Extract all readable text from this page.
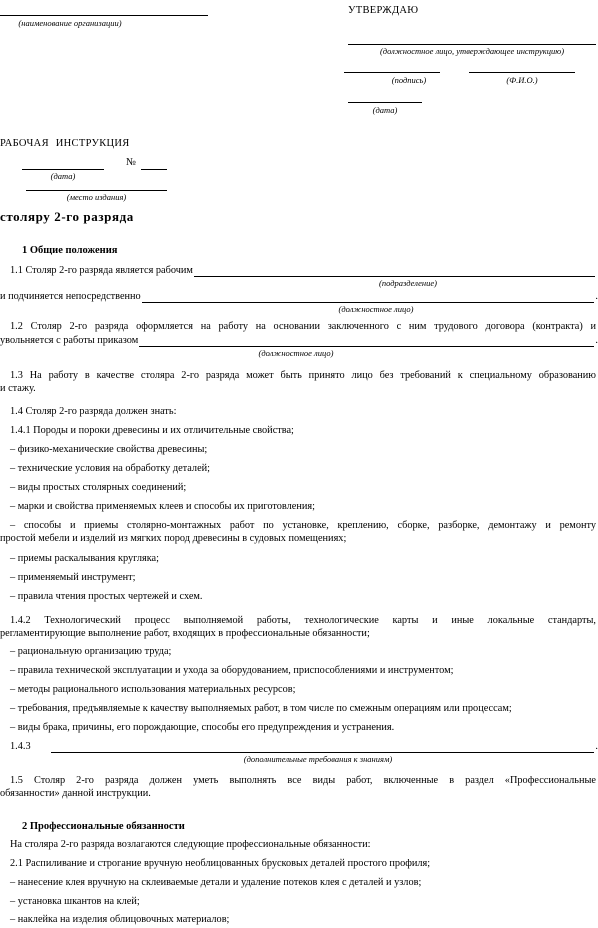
(наименование организации)
УТВЕРЖДАЮ
(должностное лицо, утверждающее инструкцию)
(подпись)	(Ф.И.О.)
(дата)
РАБОЧАЯ ИНСТРУКЦИЯ
№
(дата)
(место издания)
столяру 2-го разряда
1 Общие положения
1.1 Столяр 2-го разряда является рабочим
(подразделение)
и подчиняется непосредственно	.
(должностное лицо)
1.2 Столяр 2-го разряда оформляется на работу на основании заключенного с ним трудового договора (контракта) и
увольняется с работы приказом	.
(должностное лицо)
1.3 На работу в качестве столяра 2-го разряда может быть принято лицо без требований к специальному образованию
и стажу.
1.4 Столяр 2-го разряда должен знать:
1.4.1 Породы и пороки древесины и их отличительные свойства;
– физико-механические свойства древесины;
– технические условия на обработку деталей;
– виды простых столярных соединений;
– марки и свойства применяемых клеев и способы их приготовления;
– способы и приемы столярно-монтажных работ по установке, креплению, сборке, разборке, демонтажу и ремонту
простой мебели и изделий из мягких пород древесины в судовых помещениях;
– приемы раскалывания кругляка;
– применяемый инструмент;
– правила чтения простых чертежей и схем.
1.4.2 Технологический процесс выполняемой работы, технологические карты и иные локальные стандарты,
регламентирующие выполнение работ, входящих в профессиональные обязанности;
– рациональную организацию труда;
– правила технической эксплуатации и ухода за оборудованием, приспособлениями и инструментом;
– методы рационального использования материальных ресурсов;
– требования, предъявляемые к качеству выполняемых работ, в том числе по смежным операциям или процессам;
– виды брака, причины, его порождающие, способы его предупреждения и устранения.
1.4.3	.
(дополнительные требования к знаниям)
1.5 Столяр 2-го разряда должен уметь выполнять все виды работ, включенные в раздел «Профессиональные
обязанности» данной инструкции.
2 Профессиональные обязанности
На столяра 2-го разряда возлагаются следующие профессиональные обязанности:
2.1 Распиливание и строгание вручную необлицованных брусковых деталей простого профиля;
– нанесение клея вручную на склеиваемые детали и удаление потеков клея с деталей и узлов;
– установка шкантов на клей;
– наклейка на изделия облицовочных материалов;
